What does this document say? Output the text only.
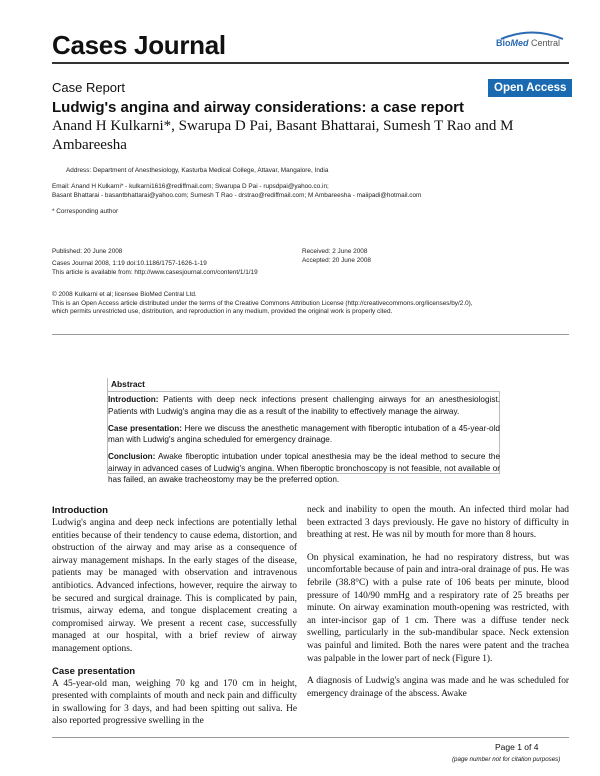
Cases Journal	BioMed Central
Case Report	Open Access
Ludwig's angina and airway considerations: a case report
Anand H Kulkarni*, Swarupa D Pai, Basant Bhattarai, Sumesh T Rao and M Ambareesha
Address: Department of Anesthesiology, Kasturba Medical College, Attavar, Mangalore, India
Email: Anand H Kulkarni* - kulkarni1616@rediffmail.com; Swarupa D Pai - rupsdpai@yahoo.co.in;
Basant Bhattarai - basantbhattarai@yahoo.com; Sumesh T Rao - drstrao@rediffmail.com; M Ambareesha - maiipadi@hotmail.com
* Corresponding author
Published: 20 June 2008
Cases Journal 2008, 1:19 doi:10.1186/1757-1626-1-19
This article is available from: http://www.casesjournal.com/content/1/1/19
Received: 2 June 2008
Accepted: 20 June 2008
© 2008 Kulkarni et al; licensee BioMed Central Ltd.
This is an Open Access article distributed under the terms of the Creative Commons Attribution License (http://creativecommons.org/licenses/by/2.0),
which permits unrestricted use, distribution, and reproduction in any medium, provided the original work is properly cited.
Abstract

Introduction: Patients with deep neck infections present challenging airways for an anesthesiologist. Patients with Ludwig's angina may die as a result of the inability to effectively manage the airway.

Case presentation: Here we discuss the anesthetic management with fiberoptic intubation of a 45-year-old man with Ludwig's angina scheduled for emergency drainage.

Conclusion: Awake fiberoptic intubation under topical anesthesia may be the ideal method to secure the airway in advanced cases of Ludwig's angina. When fiberoptic bronchoscopy is not feasible, not available or has failed, an awake tracheostomy may be the preferred option.

Introduction

Ludwig's angina and deep neck infections are potentially lethal entities because of their tendency to cause edema, distortion, and obstruction of the airway and may arise as a consequence of airway management mishaps. In the early stages of the disease, patients may be managed with observation and intravenous antibiotics. Advanced infections, however, require the airway to be secured and surgical drainage. This is complicated by pain, trismus, airway edema, and tongue displacement creating a compromised airway. We present a recent case, successfully managed at our hospital, with a brief review of airway management options.

Case presentation

A 45-year-old man, weighing 70 kg and 170 cm in height, presented with complaints of mouth and neck pain and difficulty in swallowing for 3 days, and had been spitting out saliva. He also reported progressive swelling in the

neck and inability to open the mouth. An infected third molar had been extracted 3 days previously. He gave no history of difficulty in breathing at rest. He was nil by mouth for more than 8 hours.

On physical examination, he had no respiratory distress, but was uncomfortable because of pain and intra-oral drainage of pus. He was febrile (38.8°C) with a pulse rate of 106 beats per minute, blood pressure of 140/90 mmHg and a respiratory rate of 25 breaths per minute. On airway examination mouth-opening was restricted, with an inter-incisor gap of 1 cm. There was a diffuse tender neck swelling, particularly in the sub-mandibular space. Neck extension was painful and limited. Both the nares were patent and the trachea was palpable in the lower part of neck (Figure 1).

A diagnosis of Ludwig's angina was made and he was scheduled for emergency drainage of the abscess. Awake

Page 1 of 4
(page number not for citation purposes)
